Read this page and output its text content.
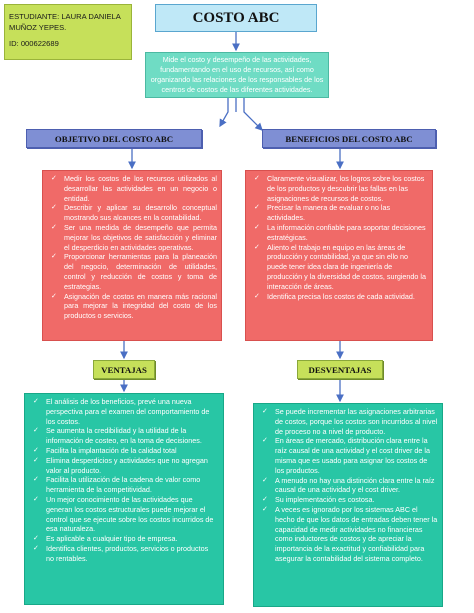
ESTUDIANTE: LAURA DANIELA
MUÑOZ YEPES.
ID: 000622689
COSTO ABC
Mide el costo y desempeño de las actividades, fundamentando en el uso de recursos, así como organizando las relaciones de los responsables de los centros de costos de las diferentes actividades.
OBJETIVO DEL COSTO ABC	BENEFICIOS DEL COSTO ABC
✓ Medir los costos de los recursos utilizados al desarrollar las actividades en un negocio o entidad.
✓ Describir y aplicar su desarrollo conceptual mostrando sus alcances en la contabilidad.
✓ Ser una medida de desempeño que permita mejorar los objetivos de satisfacción y eliminar el desperdicio en actividades operativas.
✓ Proporcionar herramientas para la planeación del negocio, determinación de utilidades, control y reducción de costos y toma de estrategias.
✓ Asignación de costos en manera más racional para mejorar la integridad del costo de los productos o servicios.
✓ Claramente visualizar, los logros sobre los costos de los productos y descubrir las fallas en las asignaciones de recursos de costos.
✓ Precisar la manera de evaluar o no las actividades.
✓ La información confiable para soportar decisiones estratégicas.
✓ Aliento el trabajo en equipo en las áreas de producción y contabilidad, ya que sin ello no puede tener idea clara de ingeniería de producción y la diversidad de costos, surgiendo la interacción de áreas.
✓ Identifica precisa los costos de cada actividad.
VENTAJAS	DESVENTAJAS
✓ El análisis de los beneficios, prevé una nueva perspectiva para el examen del comportamiento de los costos.
✓ Se aumenta la credibilidad y la utilidad de la información de costeo, en la toma de decisiones.
✓ Facilita la implantación de la calidad total
✓ Elimina desperdicios y actividades que no agregan valor al producto.
✓ Facilita la utilización de la cadena de valor como herramienta de la competitividad.
✓ Un mejor conocimiento de las actividades que generan los costos estructurales puede mejorar el control que se ejecute sobre los costos incurridos de esa naturaleza.
✓ Es aplicable a cualquier tipo de empresa.
✓ Identifica clientes, productos, servicios o productos no rentables.
✓ Se puede incrementar las asignaciones arbitrarias de costos, porque los costos son incurridos al nivel de proceso no a nivel de producto.
✓ En áreas de mercado, distribución clara entre la raíz causal de una actividad y el cost driver de la misma que es usado para asignar los costos de los productos.
✓ A menudo no hay una distinción clara entre la raíz causal de una actividad y el cost driver.
✓ Su implementación es costosa.
✓ A veces es ignorado por los sistemas ABC el hecho de que los datos de entradas deben tener la capacidad de medir actividades no financieras como inductores de costos y de apreciar la importancia de la exactitud y confiabilidad para asegurar la contabilidad del sistema completo.
